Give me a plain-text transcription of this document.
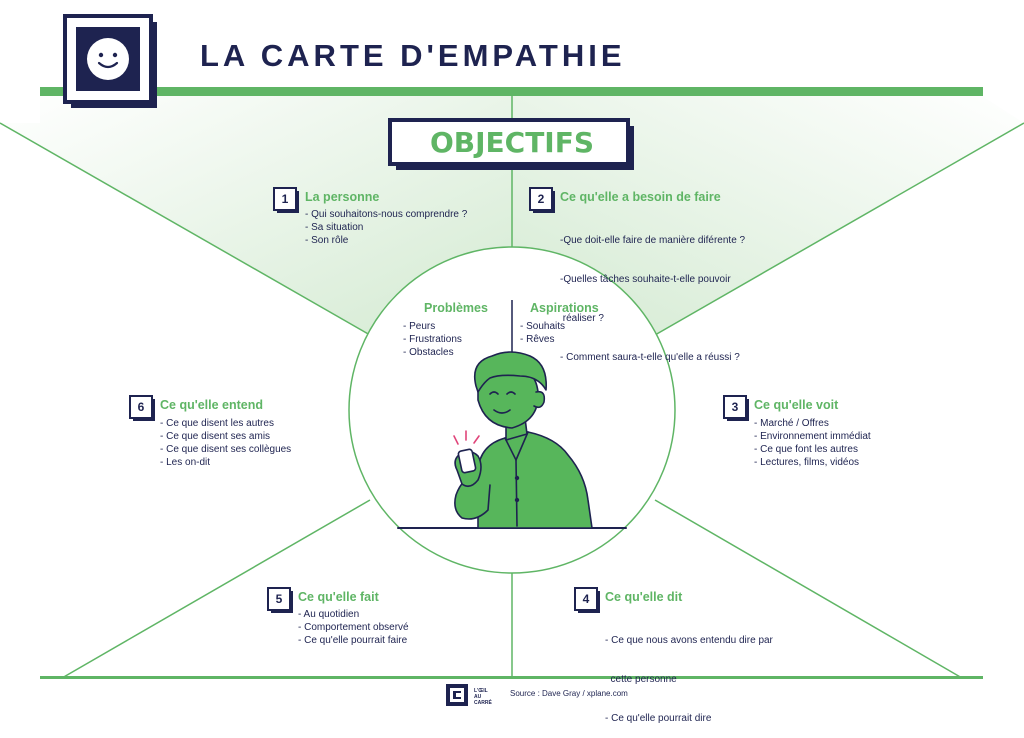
LA CARTE D'EMPATHIE
OBJECTIFS
1	La personne
- Qui souhaitons-nous comprendre ?
- Sa situation
- Son rôle
2	Ce qu'elle a besoin de faire

-Que doit-elle faire de manière diférente ?

-Quelles tâches souhaite-t-elle pouvoir

réaliser ?

- Comment saura-t-elle qu'elle a réussi ?

3	Ce qu'elle voit
- Marché / Offres
- Environnement immédiat
- Ce que font les autres
- Lectures, films, vidéos
4	Ce qu'elle dit

- Ce que nous avons entendu dire par

cette personne

- Ce qu'elle pourrait dire

5	Ce qu'elle fait
- Au quotidien
- Comportement observé
- Ce qu'elle pourrait faire
6	Ce qu'elle entend
- Ce que disent les autres
- Ce que disent ses amis
- Ce que disent ses collègues
- Les on-dit
Problèmes
- Peurs
- Frustrations
- Obstacles
Aspirations
- Souhaits
- Rêves
L'ŒIL AU CARRÉ
Source : Dave Gray / xplane.com
